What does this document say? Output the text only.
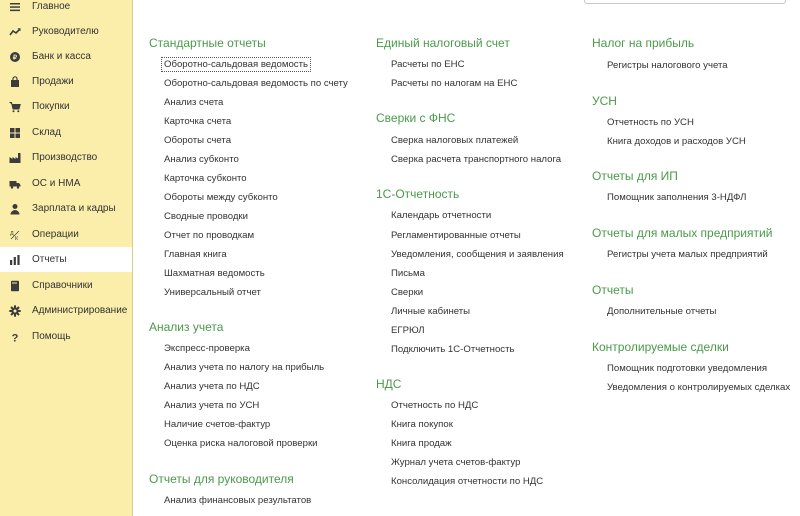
Главное
Руководителю
₽ Банк и касса
Продажи
Покупки
Склад
Производство
ОС и НМА
Зарплата и кадры
Д
К Операции
Отчеты
Справочники
Администрирование
? Помощь
Стандартные отчеты
Оборотно-сальдовая ведомость
Оборотно-сальдовая ведомость по счету
Анализ счета
Карточка счета
Обороты счета
Анализ субконто
Карточка субконто
Обороты между субконто
Сводные проводки
Отчет по проводкам
Главная книга
Шахматная ведомость
Универсальный отчет
Анализ учета
Экспресс-проверка
Анализ учета по налогу на прибыль
Анализ учета по НДС
Анализ учета по УСН
Наличие счетов-фактур
Оценка риска налоговой проверки
Отчеты для руководителя
Анализ финансовых результатов
Единый налоговый счет
Расчеты по ЕНС
Расчеты по налогам на ЕНС
Сверки с ФНС
Сверка налоговых платежей
Сверка расчета транспортного налога
1С-Отчетность
Календарь отчетности
Регламентированные отчеты
Уведомления, сообщения и заявления
Письма
Сверки
Личные кабинеты
ЕГРЮЛ
Подключить 1С-Отчетность
НДС
Отчетность по НДС
Книга покупок
Книга продаж
Журнал учета счетов-фактур
Консолидация отчетности по НДС
Налог на прибыль
Регистры налогового учета
УСН
Отчетность по УСН
Книга доходов и расходов УСН
Отчеты для ИП
Помощник заполнения 3-НДФЛ
Отчеты для малых предприятий
Регистры учета малых предприятий
Отчеты
Дополнительные отчеты
Контролируемые сделки
Помощник подготовки уведомления
Уведомления о контролируемых сделках
